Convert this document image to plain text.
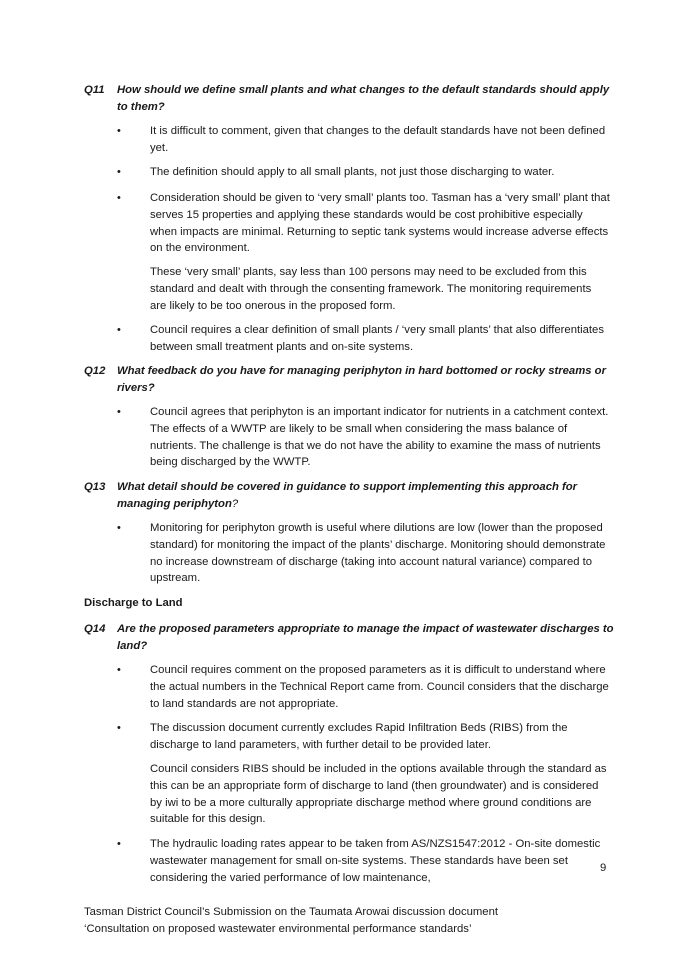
Q11 How should we define small plants and what changes to the default standards should apply to them?
•	It is difficult to comment, given that changes to the default standards have not been defined yet.
•	The definition should apply to all small plants, not just those discharging to water.
•	Consideration should be given to ‘very small’ plants too. Tasman has a ‘very small’ plant that serves 15 properties and applying these standards would be cost prohibitive especially when impacts are minimal. Returning to septic tank systems would increase adverse effects on the environment.
These ‘very small’ plants, say less than 100 persons may need to be excluded from this standard and dealt with through the consenting framework. The monitoring requirements are likely to be too onerous in the proposed form.
•	Council requires a clear definition of small plants / ‘very small plants’ that also differentiates between small treatment plants and on-site systems.
Q12 What feedback do you have for managing periphyton in hard bottomed or rocky streams or rivers?
•	Council agrees that periphyton is an important indicator for nutrients in a catchment context. The effects of a WWTP are likely to be small when considering the mass balance of nutrients. The challenge is that we do not have the ability to examine the mass of nutrients being discharged by the WWTP.
Q13 What detail should be covered in guidance to support implementing this approach for managing periphyton?
•	Monitoring for periphyton growth is useful where dilutions are low (lower than the proposed standard) for monitoring the impact of the plants’ discharge. Monitoring should demonstrate no increase downstream of discharge (taking into account natural variance) compared to upstream.
Discharge to Land
Q14 Are the proposed parameters appropriate to manage the impact of wastewater discharges to land?
•	Council requires comment on the proposed parameters as it is difficult to understand where the actual numbers in the Technical Report came from. Council considers that the discharge to land standards are not appropriate.
•	The discussion document currently excludes Rapid Infiltration Beds (RIBS) from the discharge to land parameters, with further detail to be provided later.
Council considers RIBS should be included in the options available through the standard as this can be an appropriate form of discharge to land (then groundwater) and is considered by iwi to be a more culturally appropriate discharge method where ground conditions are suitable for this design.
•	The hydraulic loading rates appear to be taken from AS/NZS1547:2012 - On-site domestic wastewater management for small on-site systems. These standards have been set considering the varied performance of low maintenance,
9
Tasman District Council’s Submission on the Taumata Arowai discussion document
‘Consultation on proposed wastewater environmental performance standards’
